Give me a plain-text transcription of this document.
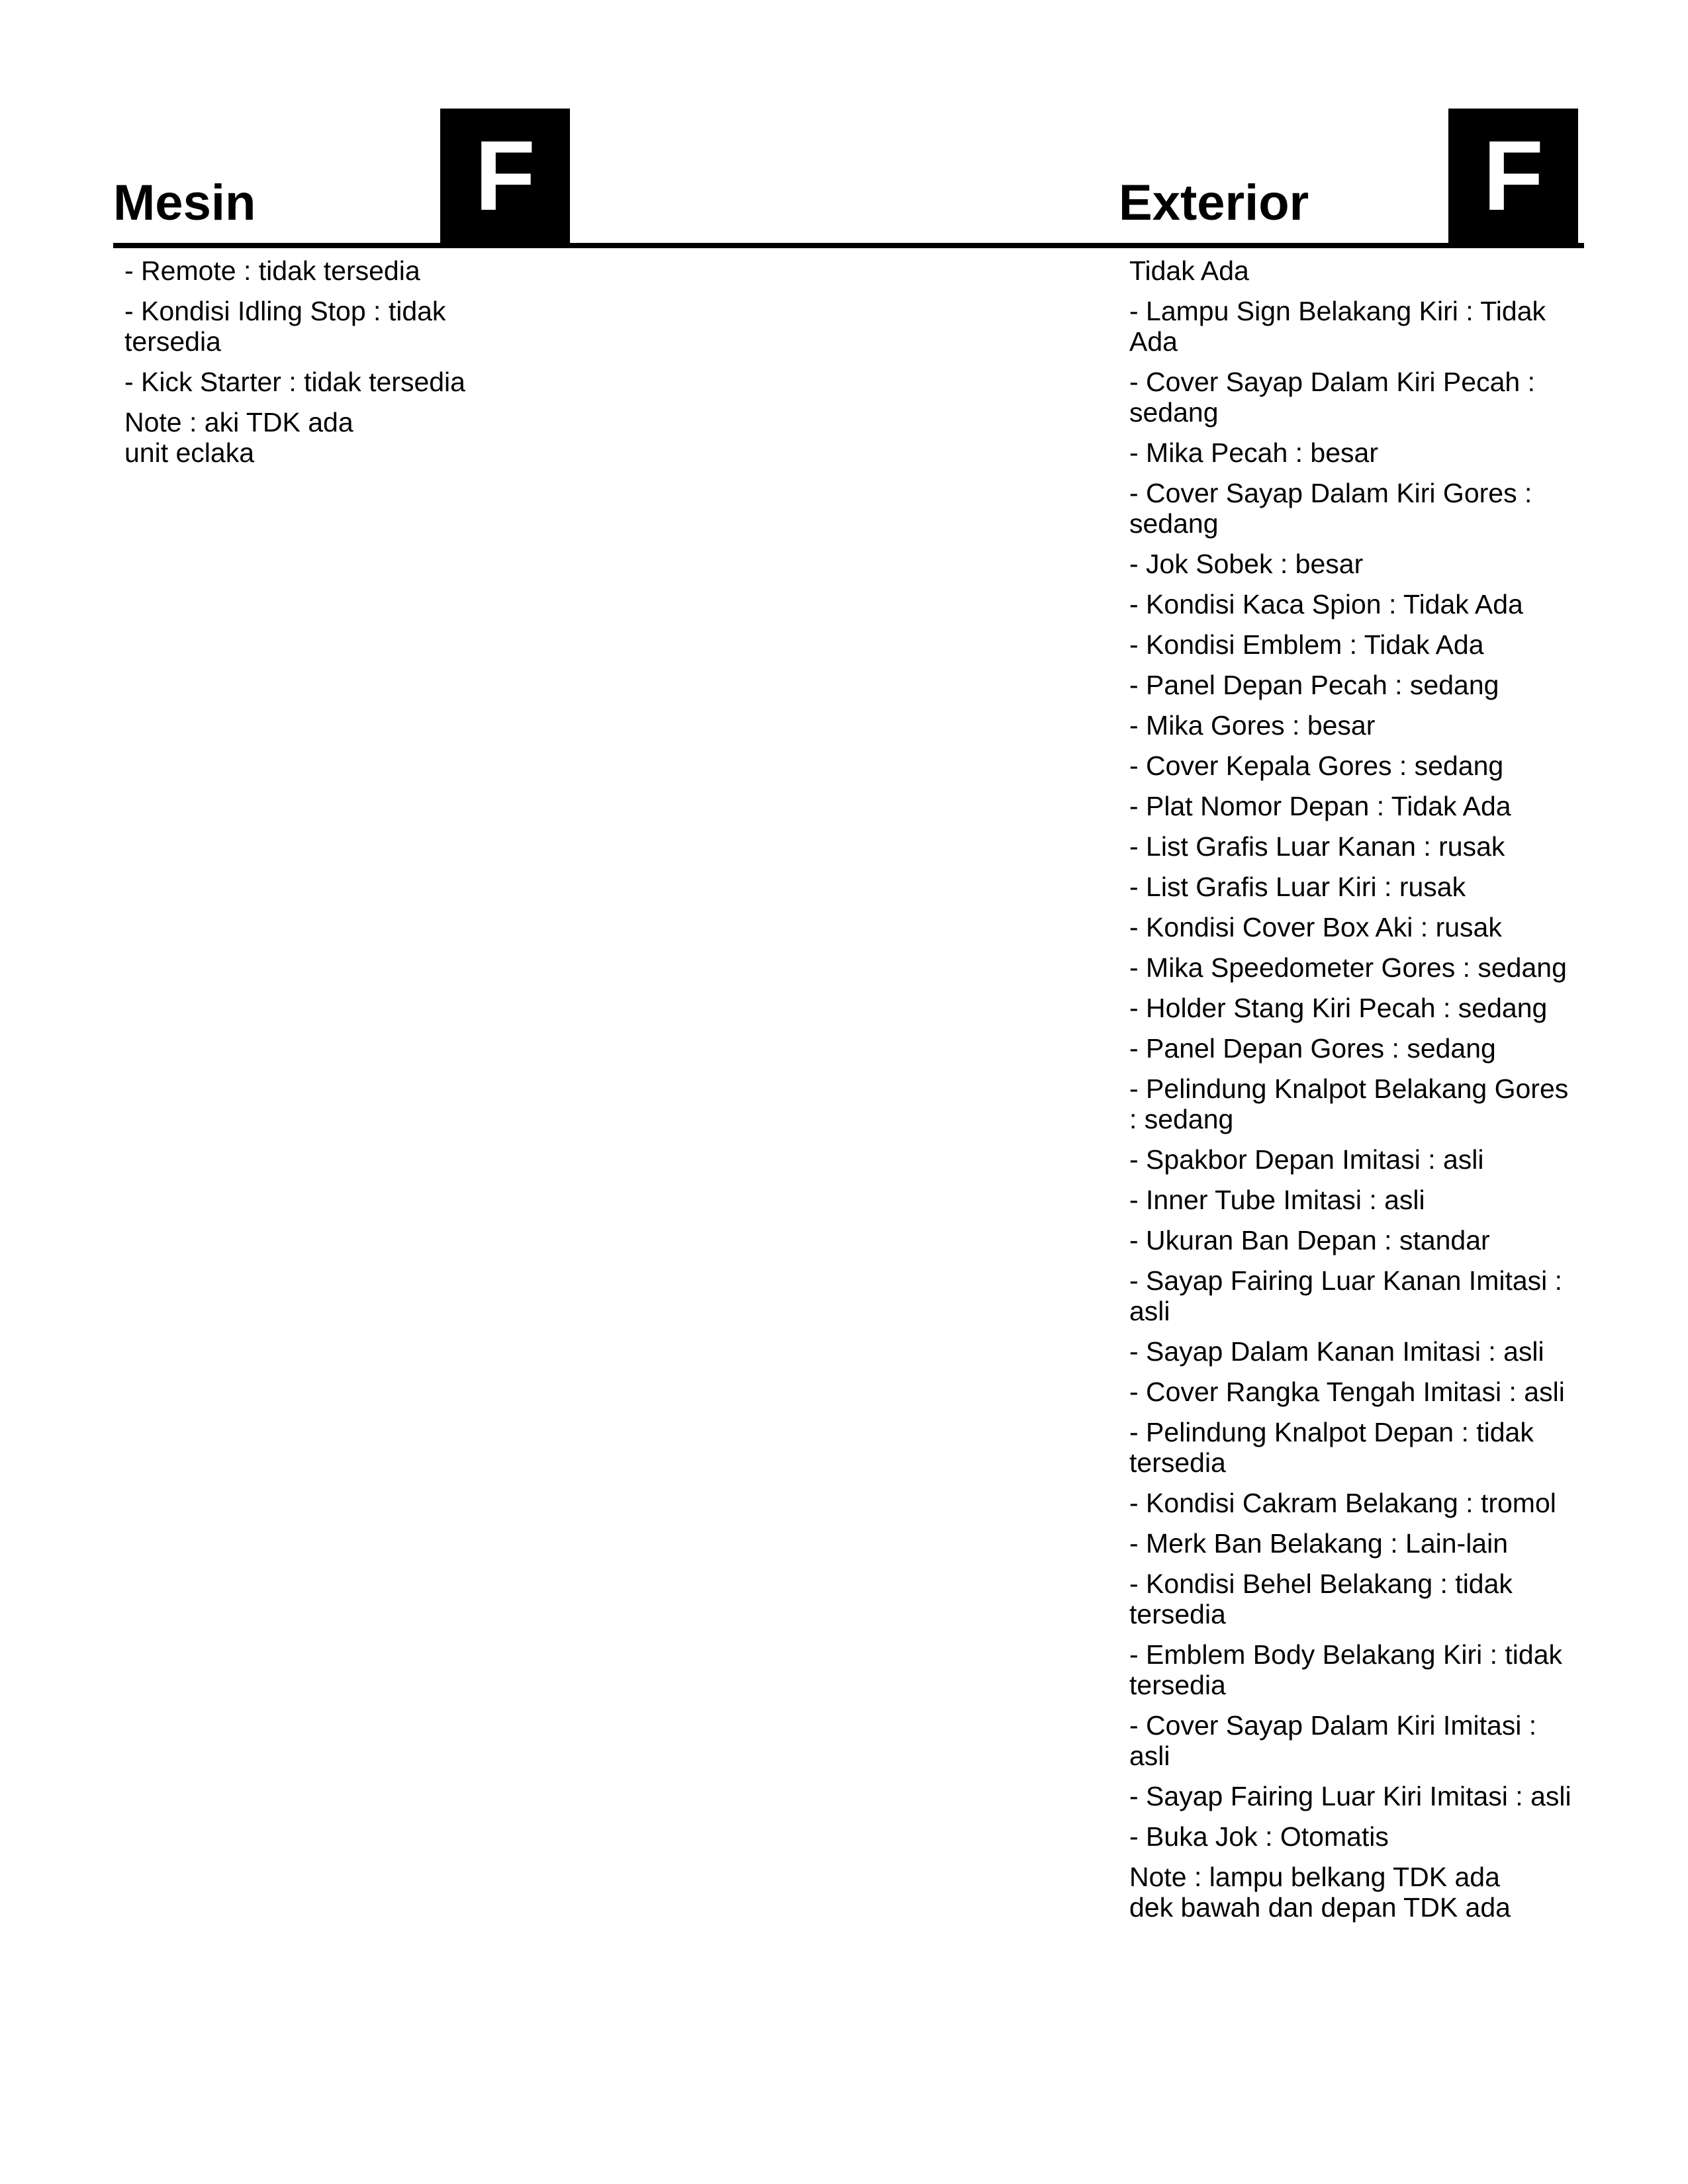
Mesin	F	Exterior	F
- Remote : tidak tersedia
- Kondisi Idling Stop : tidak tersedia
- Kick Starter : tidak tersedia
Note : aki TDK ada
unit eclaka
Tidak Ada
- Lampu Sign Belakang Kiri : Tidak Ada
- Cover Sayap Dalam Kiri Pecah : sedang
- Mika Pecah : besar
- Cover Sayap Dalam Kiri Gores : sedang
- Jok Sobek : besar
- Kondisi Kaca Spion : Tidak Ada
- Kondisi Emblem : Tidak Ada
- Panel Depan Pecah : sedang
- Mika Gores : besar
- Cover Kepala Gores : sedang
- Plat Nomor Depan : Tidak Ada
- List Grafis Luar Kanan : rusak
- List Grafis Luar Kiri : rusak
- Kondisi Cover Box Aki : rusak
- Mika Speedometer Gores : sedang
- Holder Stang Kiri Pecah : sedang
- Panel Depan Gores : sedang
- Pelindung Knalpot Belakang Gores : sedang
- Spakbor Depan Imitasi : asli
- Inner Tube Imitasi : asli
- Ukuran Ban Depan : standar
- Sayap Fairing Luar Kanan Imitasi : asli
- Sayap Dalam Kanan Imitasi : asli
- Cover Rangka Tengah Imitasi : asli
- Pelindung Knalpot Depan : tidak tersedia
- Kondisi Cakram Belakang : tromol
- Merk Ban Belakang : Lain-lain
- Kondisi Behel Belakang : tidak tersedia
- Emblem Body Belakang Kiri : tidak tersedia
- Cover Sayap Dalam Kiri Imitasi : asli
- Sayap Fairing Luar Kiri Imitasi : asli
- Buka Jok : Otomatis
Note : lampu belkang TDK ada
dek bawah dan depan TDK ada
